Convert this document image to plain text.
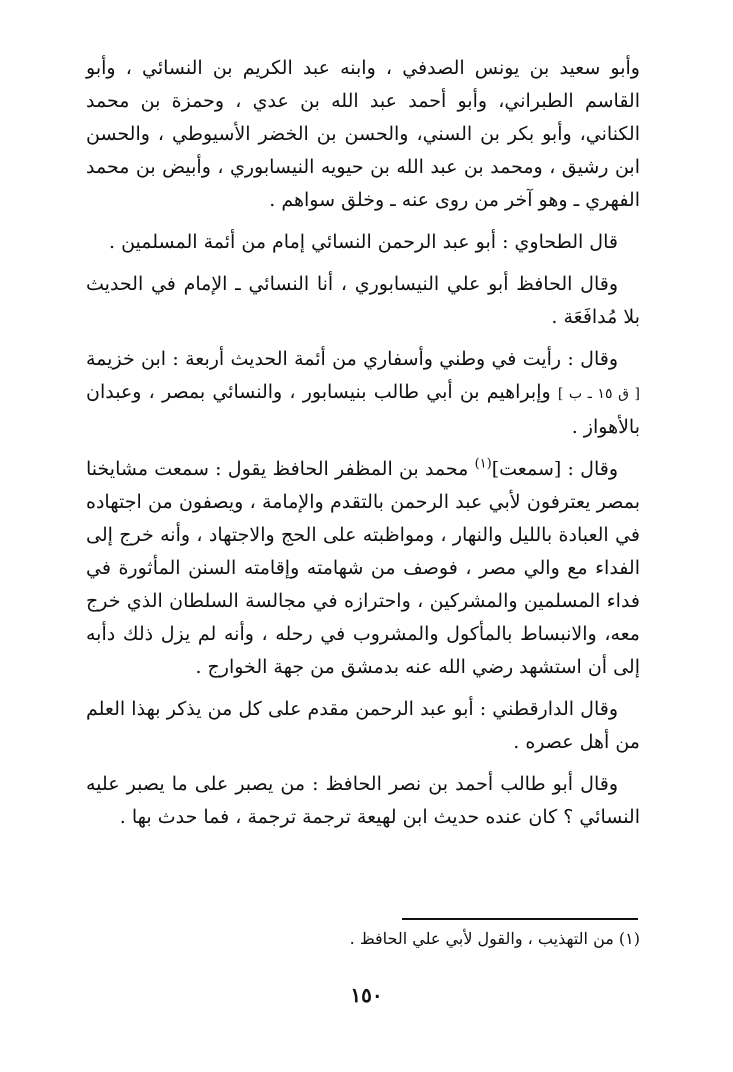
وأبو سعيد بن يونس الصدفي ، وابنه عبد الكريم بن النسائي ، وأبو القاسم الطبراني، وأبو أحمد عبد الله بن عدي ، وحمزة بن محمد الكناني، وأبو بكر بن السني، والحسن بن الخضر الأسيوطي ، والحسن ابن رشيق ، ومحمد بن عبد الله بن حيويه النيسابوري ، وأبيض بن محمد الفهري ـ وهو آخر من روى عنه ـ وخلق سواهم .

قال الطحاوي : أبو عبد الرحمن النسائي إمام من أئمة المسلمين .

وقال الحافظ أبو علي النيسابوري ، أنا النسائي ـ الإمام في الحديث بلا مُدافَعَة .

وقال : رأيت في وطني وأسفاري من أئمة الحديث أربعة : ابن خزيمة [ ق ١٥ ـ ب ] وإبراهيم بن أبي طالب بنيسابور ، والنسائي بمصر ، وعبدان بالأهواز .

وقال : [سمعت]$^{(١)}$ محمد بن المظفر الحافظ يقول : سمعت مشايخنا بمصر يعترفون لأبي عبد الرحمن بالتقدم والإمامة ، ويصفون من اجتهاده في العبادة بالليل والنهار ، ومواظبته على الحج والاجتهاد ، وأنه خرج إلى الفداء مع والي مصر ، فوصف من شهامته وإقامته السنن المأثورة في فداء المسلمين والمشركين ، واحترازه في مجالسة السلطان الذي خرج معه، والانبساط بالمأكول والمشروب في رحله ، وأنه لم يزل ذلك دأبه إلى أن استشهد رضي الله عنه بدمشق من جهة الخوارج .

وقال الدارقطني : أبو عبد الرحمن مقدم على كل من يذكر بهذا العلم من أهل عصره .

وقال أبو طالب أحمد بن نصر الحافظ : من يصبر على ما يصبر عليه النسائي ؟ كان عنده حديث ابن لهيعة ترجمة ترجمة ، فما حدث بها .

(١) من التهذيب ، والقول لأبي علي الحافظ .
١٥٠
